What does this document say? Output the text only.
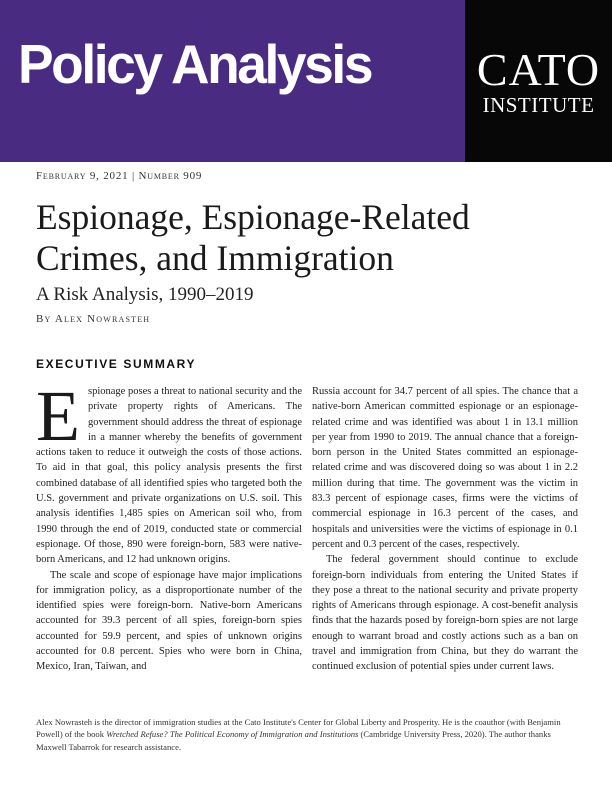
Policy Analysis	CATO
INSTITUTE
February 9, 2021 | Number 909
Espionage, Espionage-Related
Crimes, and Immigration
A Risk Analysis, 1990–2019
By Alex Nowrasteh
EXECUTIVE SUMMARY

Espionage poses a threat to national security and the private property rights of Americans. The government should address the threat of espionage in a manner whereby the benefits of government actions taken to reduce it outweigh the costs of those actions. To aid in that goal, this policy analysis presents the first combined database of all identified spies who targeted both the U.S. government and private organizations on U.S. soil. This analysis identifies 1,485 spies on American soil who, from 1990 through the end of 2019, conducted state or commercial espionage. Of those, 890 were foreign-born, 583 were native-born Americans, and 12 had unknown origins.

The scale and scope of espionage have major implications for immigration policy, as a disproportionate number of the identified spies were foreign-born. Native-born Americans accounted for 39.3 percent of all spies, foreign-born spies accounted for 59.9 percent, and spies of unknown origins accounted for 0.8 percent. Spies who were born in China, Mexico, Iran, Taiwan, and

Russia account for 34.7 percent of all spies. The chance that a native-born American committed espionage or an espionage-related crime and was identified was about 1 in 13.1 million per year from 1990 to 2019. The annual chance that a foreign-born person in the United States committed an espionage-related crime and was discovered doing so was about 1 in 2.2 million during that time. The government was the victim in 83.3 percent of espionage cases, firms were the victims of commercial espionage in 16.3 percent of the cases, and hospitals and universities were the victims of espionage in 0.1 percent and 0.3 percent of the cases, respectively.

The federal government should continue to exclude foreign-born individuals from entering the United States if they pose a threat to the national security and private property rights of Americans through espionage. A cost-benefit analysis finds that the hazards posed by foreign-born spies are not large enough to warrant broad and costly actions such as a ban on travel and immigration from China, but they do warrant the continued exclusion of potential spies under current laws.

Alex Nowrasteh is the director of immigration studies at the Cato Institute's Center for Global Liberty and Prosperity. He is the coauthor (with Benjamin Powell) of the book Wretched Refuse? The Political Economy of Immigration and Institutions (Cambridge University Press, 2020). The author thanks Maxwell Tabarrok for research assistance.
